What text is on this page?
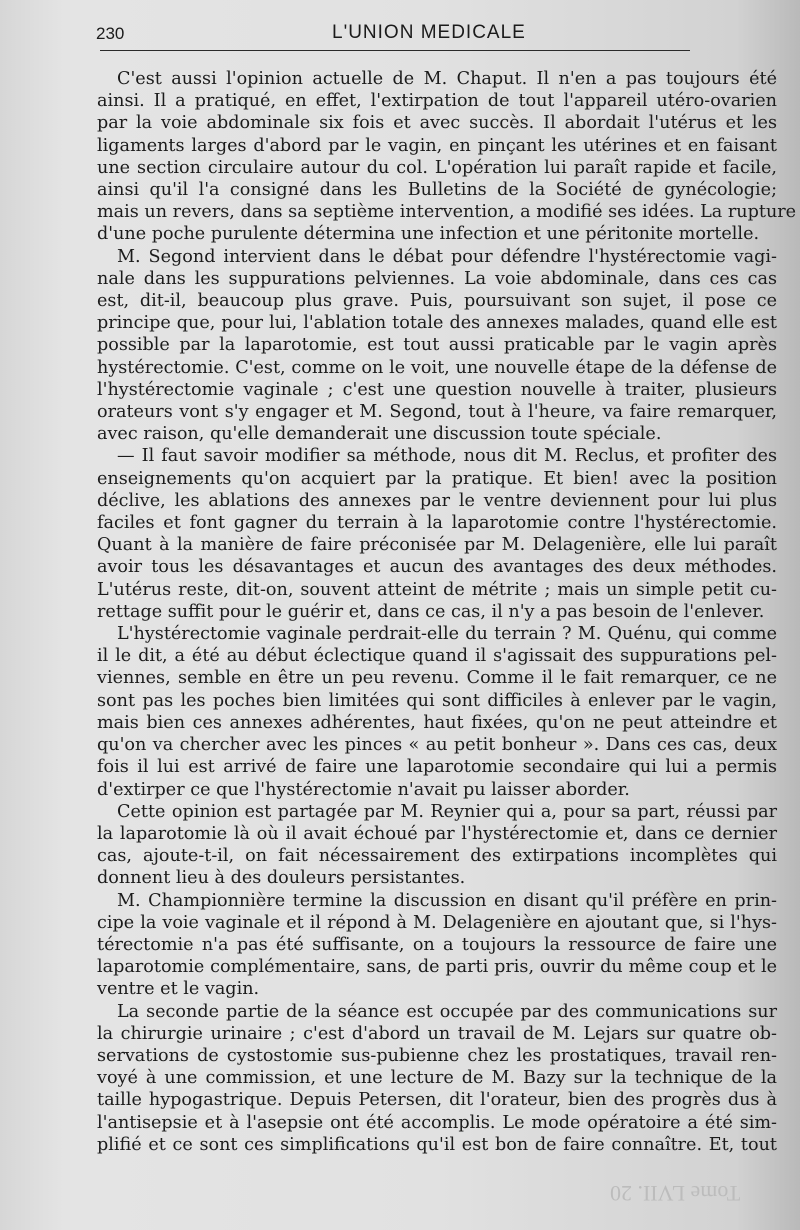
230	L'UNION MEDICALE
C'est aussi l'opinion actuelle de M. Chaput. Il n'en a pas toujours été
ainsi. Il a pratiqué, en effet, l'extirpation de tout l'appareil utéro-ovarien
par la voie abdominale six fois et avec succès. Il abordait l'utérus et les
ligaments larges d'abord par le vagin, en pinçant les utérines et en faisant
une section circulaire autour du col. L'opération lui paraît rapide et facile,
ainsi qu'il l'a consigné dans les Bulletins de la Société de gynécologie;
mais un revers, dans sa septième intervention, a modifié ses idées. La rupture
d'une poche purulente détermina une infection et une péritonite mortelle.
M. Segond intervient dans le débat pour défendre l'hystérectomie vagi-
nale dans les suppurations pelviennes. La voie abdominale, dans ces cas
est, dit-il, beaucoup plus grave. Puis, poursuivant son sujet, il pose ce
principe que, pour lui, l'ablation totale des annexes malades, quand elle est
possible par la laparotomie, est tout aussi praticable par le vagin après
hystérectomie. C'est, comme on le voit, une nouvelle étape de la défense de
l'hystérectomie vaginale ; c'est une question nouvelle à traiter, plusieurs
orateurs vont s'y engager et M. Segond, tout à l'heure, va faire remarquer,
avec raison, qu'elle demanderait une discussion toute spéciale.
— Il faut savoir modifier sa méthode, nous dit M. Reclus, et profiter des
enseignements qu'on acquiert par la pratique. Et bien! avec la position
déclive, les ablations des annexes par le ventre deviennent pour lui plus
faciles et font gagner du terrain à la laparotomie contre l'hystérectomie.
Quant à la manière de faire préconisée par M. Delagenière, elle lui paraît
avoir tous les désavantages et aucun des avantages des deux méthodes.
L'utérus reste, dit-on, souvent atteint de métrite ; mais un simple petit cu-
rettage suffit pour le guérir et, dans ce cas, il n'y a pas besoin de l'enlever.
L'hystérectomie vaginale perdrait-elle du terrain ? M. Quénu, qui comme
il le dit, a été au début éclectique quand il s'agissait des suppurations pel-
viennes, semble en être un peu revenu. Comme il le fait remarquer, ce ne
sont pas les poches bien limitées qui sont difficiles à enlever par le vagin,
mais bien ces annexes adhérentes, haut fixées, qu'on ne peut atteindre et
qu'on va chercher avec les pinces « au petit bonheur ». Dans ces cas, deux
fois il lui est arrivé de faire une laparotomie secondaire qui lui a permis
d'extirper ce que l'hystérectomie n'avait pu laisser aborder.
Cette opinion est partagée par M. Reynier qui a, pour sa part, réussi par
la laparotomie là où il avait échoué par l'hystérectomie et, dans ce dernier
cas, ajoute-t-il, on fait nécessairement des extirpations incomplètes qui
donnent lieu à des douleurs persistantes.
M. Championnière termine la discussion en disant qu'il préfère en prin-
cipe la voie vaginale et il répond à M. Delagenière en ajoutant que, si l'hys-
térectomie n'a pas été suffisante, on a toujours la ressource de faire une
laparotomie complémentaire, sans, de parti pris, ouvrir du même coup et le
ventre et le vagin.
La seconde partie de la séance est occupée par des communications sur
la chirurgie urinaire ; c'est d'abord un travail de M. Lejars sur quatre ob-
servations de cystostomie sus-pubienne chez les prostatiques, travail ren-
voyé à une commission, et une lecture de M. Bazy sur la technique de la
taille hypogastrique. Depuis Petersen, dit l'orateur, bien des progrès dus à
l'antisepsie et à l'asepsie ont été accomplis. Le mode opératoire a été sim-
plifié et ce sont ces simplifications qu'il est bon de faire connaître. Et, tout
Tome LVII. 20
